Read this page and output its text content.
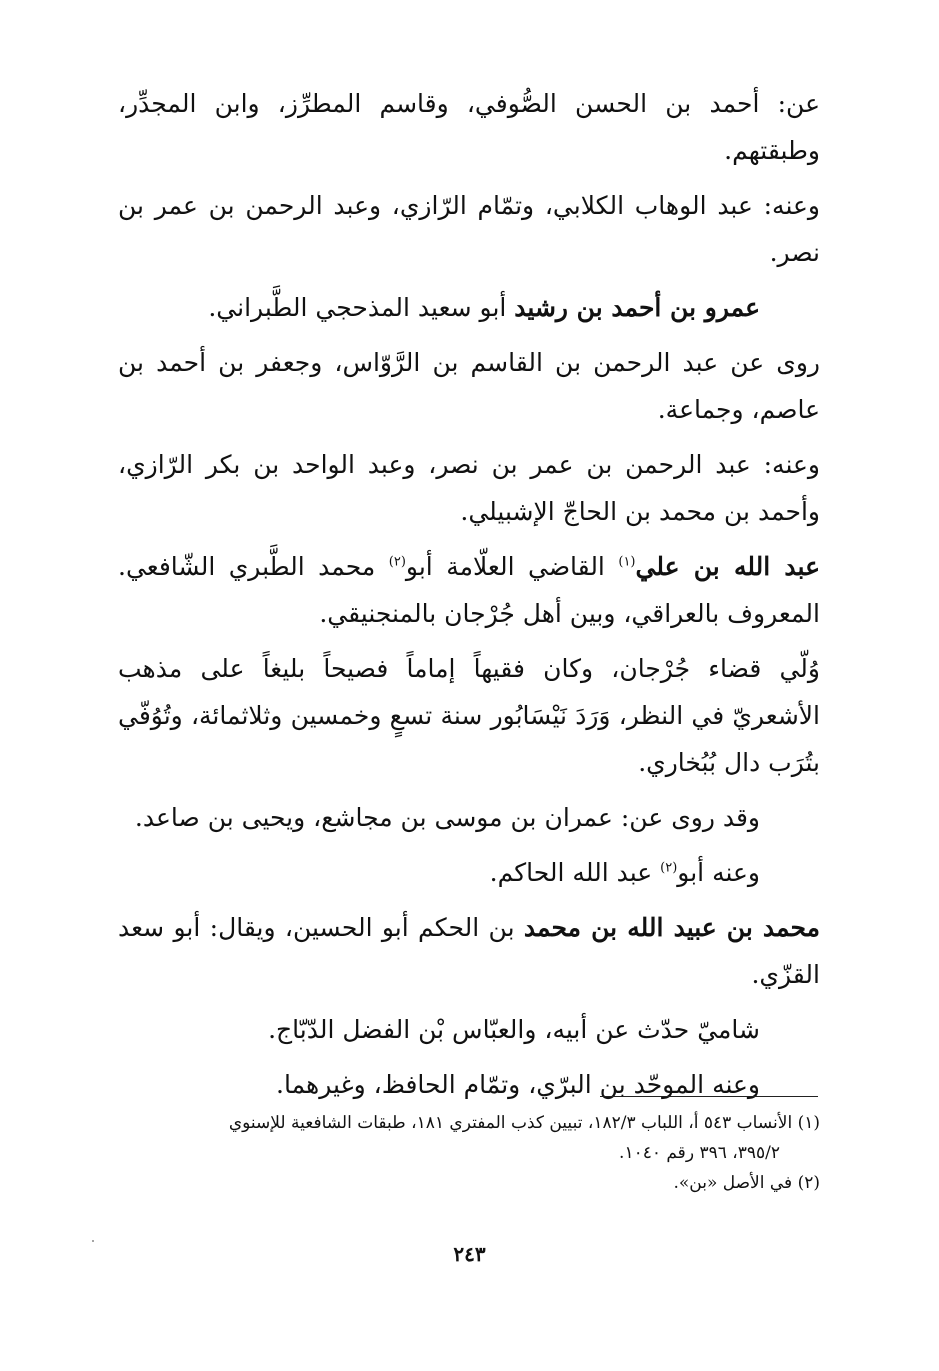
عن: أحمد بن الحسن الصُّوفي، وقاسم المطرِّز، وابن المجدِّر، وطبقتهم.

وعنه: عبد الوهاب الكلابي، وتمّام الرّازي، وعبد الرحمن بن عمر بن نصر.

عمرو بن أحمد بن رشيد أبو سعيد المذحجي الطَّبراني.

روى عن عبد الرحمن بن القاسم بن الرَّوّاس، وجعفر بن أحمد بن عاصم، وجماعة.

وعنه: عبد الرحمن بن عمر بن نصر، وعبد الواحد بن بكر الرّازي، وأحمد بن محمد بن الحاجّ الإشبيلي.

عبد الله بن علي$^{(١)}$ القاضي العلّامة أبو$^{(٢)}$ محمد الطَّبري الشّافعي. المعروف بالعراقي، وبين أهل جُرْجان بالمنجنيقي.

وُلّي قضاء جُرْجان، وكان فقيهاً إماماً فصيحاً بليغاً على مذهب الأشعريّ في النظر، وَرَدَ نَيْسَابُور سنة تسعٍ وخمسين وثلاثمائة، وتُوُفّي بتُرَب دال بُبُخاري.

وقد روى عن: عمران بن موسى بن مجاشع، ويحيى بن صاعد.

وعنه أبو$^{(٢)}$ عبد الله الحاكم.

محمد بن عبيد الله بن محمد بن الحكم أبو الحسين، ويقال: أبو سعد القزّي.

شاميّ حدّث عن أبيه، والعبّاس بْن الفضل الدّبّاج.

وعنه الموحّد بن البرّي، وتمّام الحافظ، وغيرهما.

(١) الأنساب ٥٤٣ أ، اللباب ١٨٢/٣، تبيين كذب المفتري ١٨١، طبقات الشافعية للإسنوي
٣٩٥/٢، ٣٩٦ رقم ١٠٤٠.
(٢) في الأصل «بن».
٢٤٣
